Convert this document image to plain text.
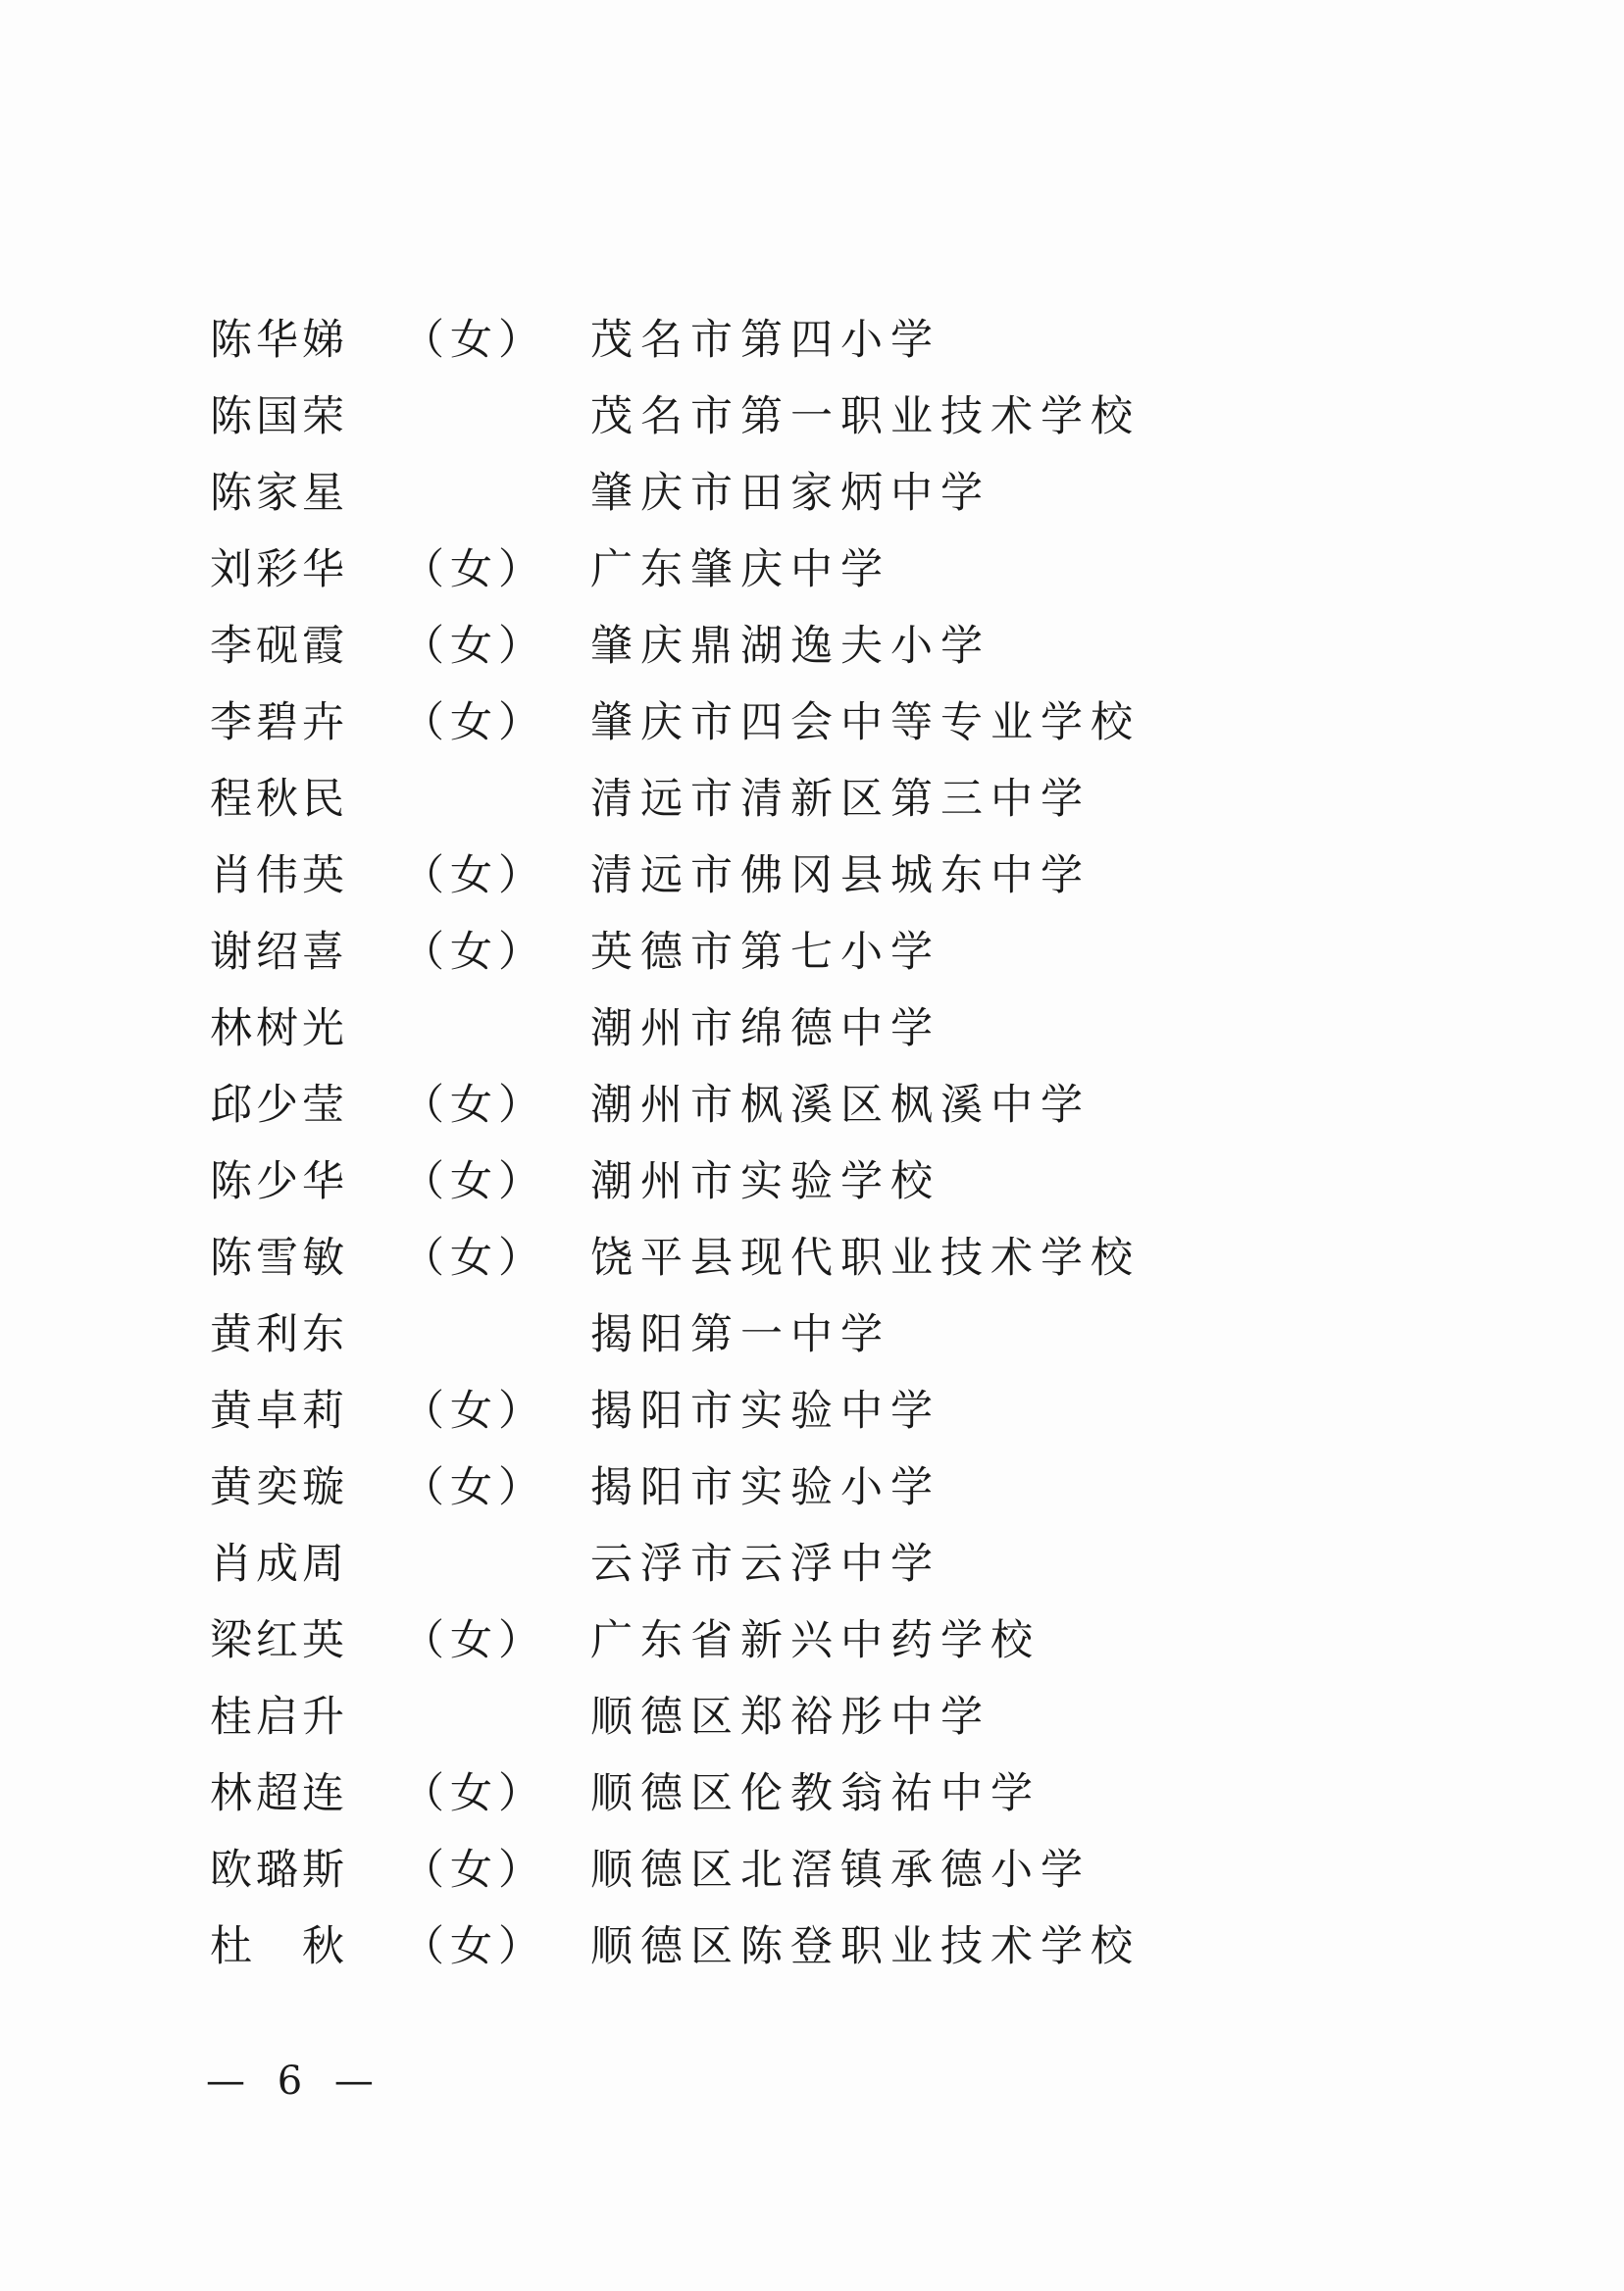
陈华娣 （女） 茂名市第四小学
陈国荣	茂名市第一职业技术学校
陈家星	肇庆市田家炳中学
刘彩华 （女） 广东肇庆中学
李砚霞 （女） 肇庆鼎湖逸夫小学
李碧卉 （女） 肇庆市四会中等专业学校
程秋民	清远市清新区第三中学
肖伟英 （女） 清远市佛冈县城东中学
谢绍喜 （女） 英德市第七小学
林树光	潮州市绵德中学
邱少莹 （女） 潮州市枫溪区枫溪中学
陈少华 （女） 潮州市实验学校
陈雪敏 （女） 饶平县现代职业技术学校
黄利东	揭阳第一中学
黄卓莉 （女） 揭阳市实验中学
黄奕璇 （女） 揭阳市实验小学
肖成周	云浮市云浮中学
梁红英 （女） 广东省新兴中药学校
桂启升	顺德区郑裕彤中学
林超连 （女） 顺德区伦教翁祐中学
欧璐斯 （女） 顺德区北滘镇承德小学
杜　秋 （女） 顺德区陈登职业技术学校
— 6 —
